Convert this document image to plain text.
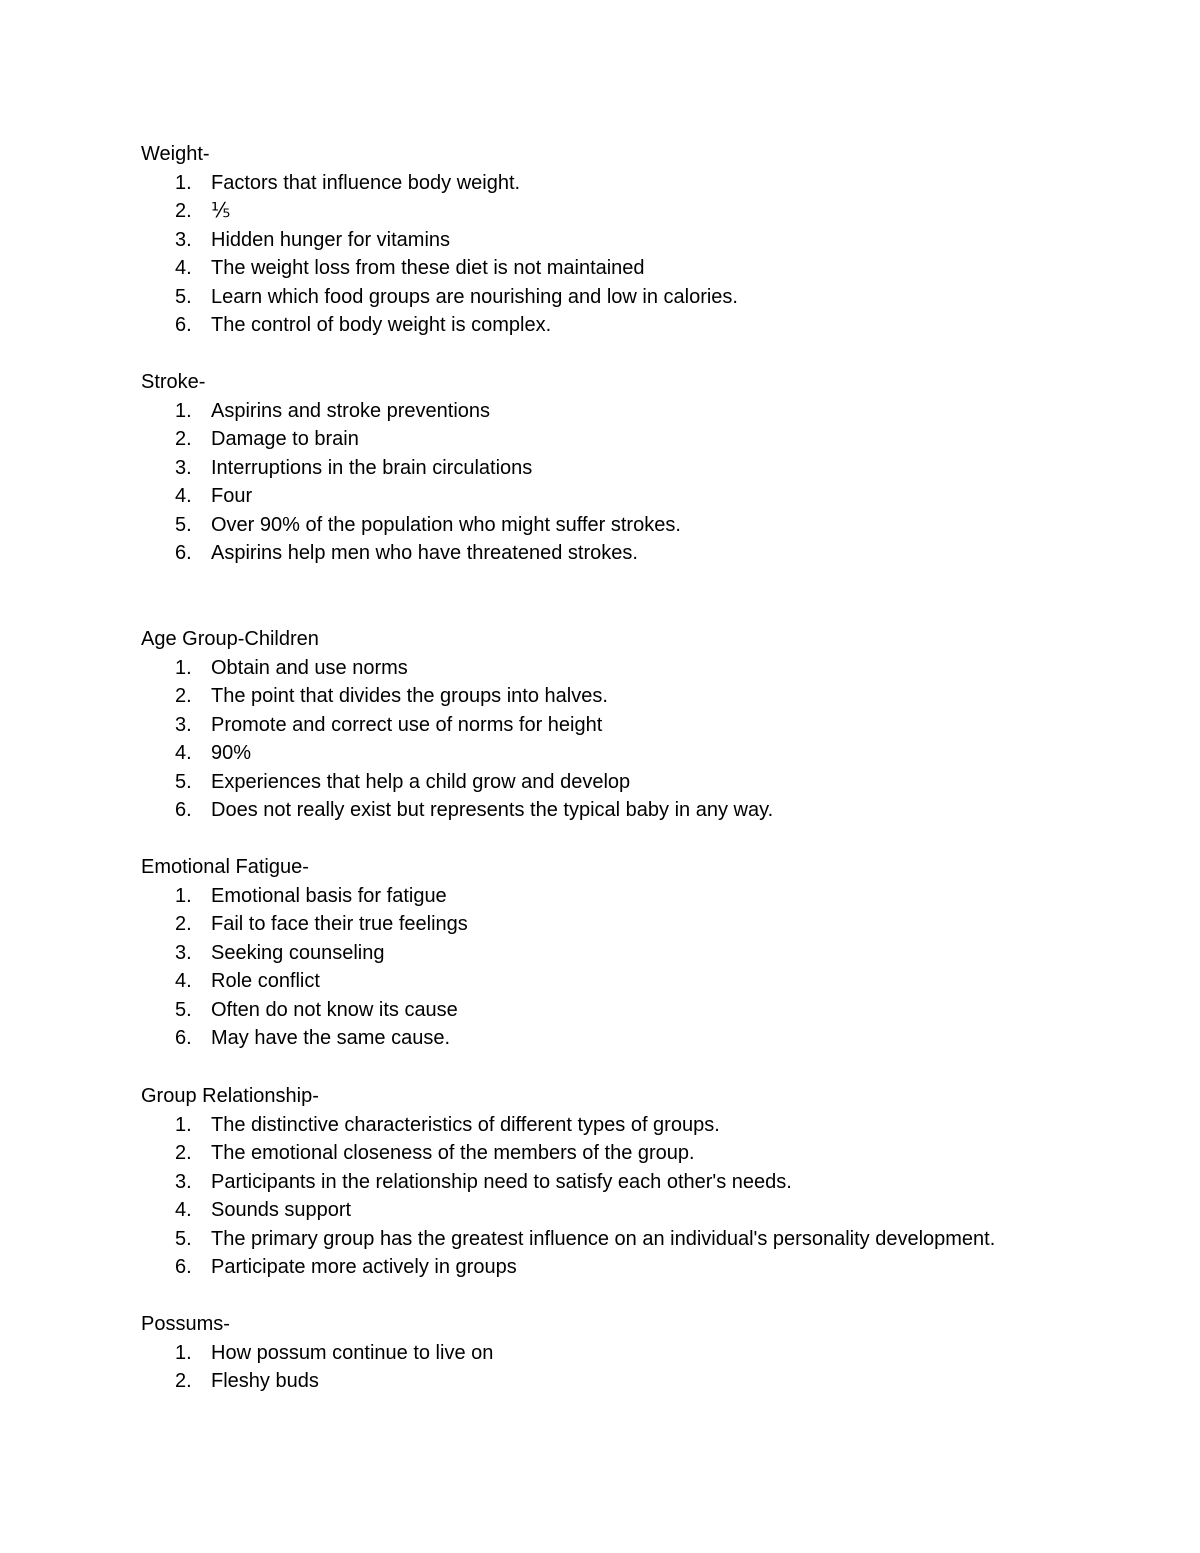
Weight-
1. Factors that influence body weight.
2. ⅕
3. Hidden hunger for vitamins
4. The weight loss from these diet is not maintained
5. Learn which food groups are nourishing and low in calories.
6. The control of body weight is complex.
Stroke-
1. Aspirins and stroke preventions
2. Damage to brain
3. Interruptions in the brain circulations
4. Four
5. Over 90% of the population who might suffer strokes.
6. Aspirins help men who have threatened strokes.
Age Group-Children
1. Obtain and use norms
2. The point that divides the groups into halves.
3. Promote and correct use of norms for height
4. 90%
5. Experiences that help a child grow and develop
6. Does not really exist but represents the typical baby in any way.
Emotional Fatigue-
1. Emotional basis for fatigue
2. Fail to face their true feelings
3. Seeking counseling
4. Role conflict
5. Often do not know its cause
6. May have the same cause.
Group Relationship-
1. The distinctive characteristics of different types of groups.
2. The emotional closeness of the members of the group.
3. Participants in the relationship need to satisfy each other's needs.
4. Sounds support
5. The primary group has the greatest influence on an individual's personality development.
6. Participate more actively in groups
Possums-
1. How possum continue to live on
2. Fleshy buds
